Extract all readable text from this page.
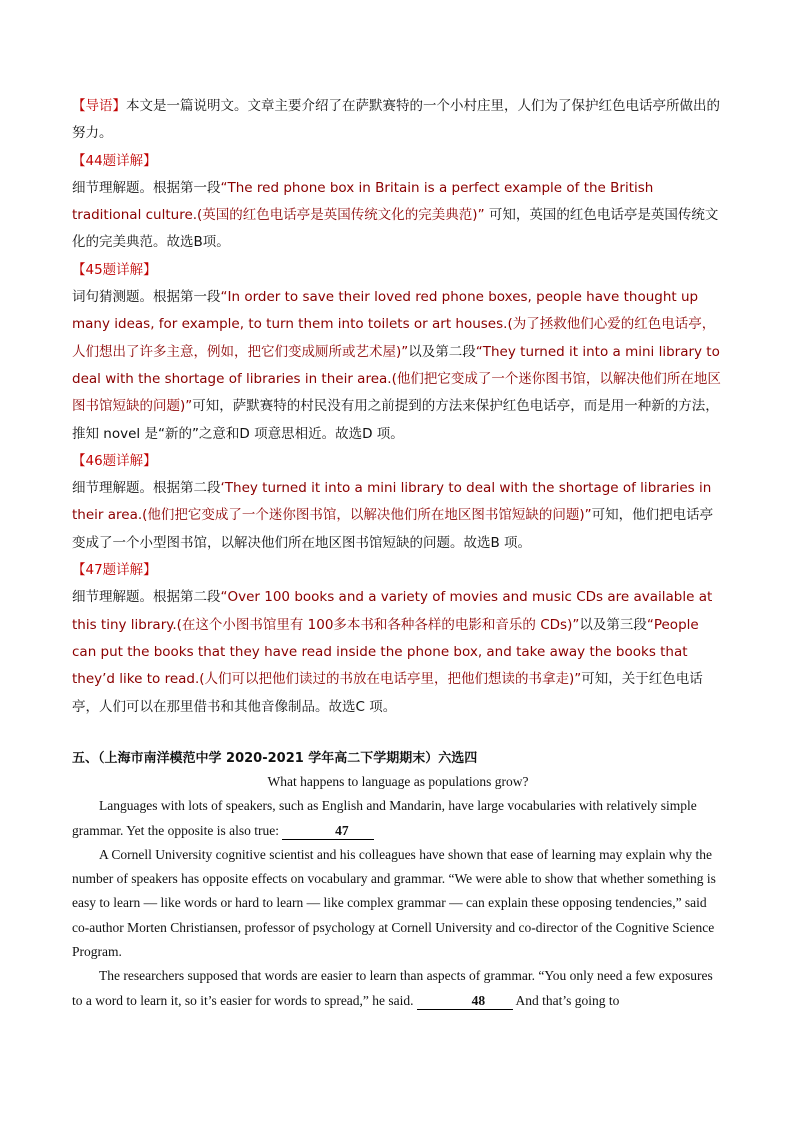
【导语】本文是一篇说明文。文章主要介绍了在萨默赛特的一个小村庄里，人们为了保护红色电话亭所做出的努力。

【44题详解】

细节理解题。根据第一段“The red phone box in Britain is a perfect example of the British traditional culture.(英国的红色电话亭是英国传统文化的完美典范)” 可知，英国的红色电话亭是英国传统文化的完美典范。故选B项。

【45题详解】

词句猜测题。根据第一段“In order to save their loved red phone boxes, people have thought up many ideas, for example, to turn them into toilets or art houses.(为了拯救他们心爱的红色电话亭，人们想出了许多主意，例如，把它们变成厕所或艺术屋)”以及第二段“They turned it into a mini library to deal with the shortage of libraries in their area.(他们把它变成了一个迷你图书馆，以解决他们所在地区图书馆短缺的问题)”可知，萨默赛特的村民没有用之前提到的方法来保护红色电话亭，而是用一种新的方法，推知 novel 是“新的”之意和D 项意思相近。故选D 项。

【46题详解】

细节理解题。根据第二段‘They turned it into a mini library to deal with the shortage of libraries in their area.(他们把它变成了一个迷你图书馆，以解决他们所在地区图书馆短缺的问题)”可知，他们把电话亭变成了一个小型图书馆，以解决他们所在地区图书馆短缺的问题。故选B 项。

【47题详解】

细节理解题。根据第二段“Over 100 books and a variety of movies and music CDs are available at this tiny library.(在这个小图书馆里有 100多本书和各种各样的电影和音乐的 CDs)”以及第三段“People can put the books that they have read inside the phone box, and take away the books that they’d like to read.(人们可以把他们读过的书放在电话亭里，把他们想读的书拿走)”可知，关于红色电话亭，人们可以在那里借书和其他音像制品。故选C 项。

五、（上海市南洋模范中学 2020-2021 学年高二下学期期末）六选四

What happens to language as populations grow?

Languages with lots of speakers, such as English and Mandarin, have large vocabularies with relatively simple grammar. Yet the opposite is also true:	47

A Cornell University cognitive scientist and his colleagues have shown that ease of learning may explain why the number of speakers has opposite effects on vocabulary and grammar. “We were able to show that whether something is easy to learn — like words or hard to learn — like complex grammar — can explain these opposing tendencies,” said co-author Morten Christiansen, professor of psychology at Cornell University and co-director of the Cognitive Science Program.

The researchers supposed that words are easier to learn than aspects of grammar. “You only need a few exposures to a word to learn it, so it’s easier for words to spread,” he said.	48 And that’s going to
